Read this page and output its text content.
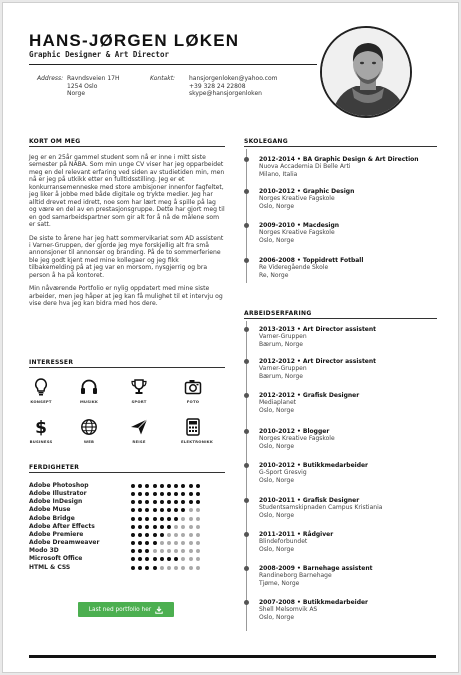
HANS-JØRGEN LØKEN
Graphic Designer & Art Director
Address: Ravndsveien 17H
1254 Oslo
Norge
Kontakt: hansjorgenloken@yahoo.com
+39 328 24 22808
skype@hansjorgenloken
KORT OM MEG

Jeg er en 25år gammel student som nå er inne i mitt siste semester på NABA. Som min unge CV viser har jeg opparbeidet meg en del relevant erfaring ved siden av studietiden min, men nå er jeg på utkikk etter en fulltidsstilling. Jeg er et konkurransemenneske med store ambisjoner innenfor fagfeltet, jeg liker å jobbe med både digitale og trykte medier. Jeg har alltid drevet med idrett, noe som har lært meg å spille på lag og være en del av en prestasjonsgruppe. Dette har gjort meg til en god samarbeidspartner som gir alt for å nå de målene som er satt.

De siste to årene har jeg hatt sommervikariat som AD assistent i Varner-Gruppen, der gjorde jeg mye forskjellig alt fra små annonsjoner til annonser og branding. På de to sommerferiene ble jeg godt kjent med mine kollegaer og jeg fikk tilbakemelding på at jeg var en morsom, nysgjerrig og bra person å ha på kontoret.

Min nåværende Portfolio er nylig oppdatert med mine siste arbeider, men jeg håper at jeg kan få mulighet til et intervju og vise dere hva jeg kan bidra med hos dere.

INTERESSER
KONSEPT	MUSIKK	SPORT	FOTO
$
BUSINESS	WEB	REISE	ELEKTRONIKK
FERDIGHETER
Adobe Photoshop
Adobe Illustrator
Adobe InDesign
Adobe Muse
Adobe Bridge
Adobe After Effects
Adobe Premiere
Adobe Dreamweaver
Modo 3D
Microsoft Office
HTML & CSS
Last ned portfolio her
SKOLEGANG
2012-2014 • BA Graphic Design & Art Direction
Nuova Accademia Di Belle Arti
Milano, Italia
2010-2012 • Graphic Design
Norges Kreative Fagskole
Oslo, Norge
2009-2010 • Macdesign
Norges Kreative Fagskole
Oslo, Norge
2006-2008 • Toppidrett Fotball
Re Videregående Skole
Re, Norge
ARBEIDSERFARING
2013-2013 • Art Director assistent
Varner-Gruppen
Bærum, Norge
2012-2012 • Art Director assistent
Varner-Gruppen
Bærum, Norge
2012-2012 • Grafisk Designer
Mediaplanet
Oslo, Norge
2010-2012 • Blogger
Norges Kreative Fagskole
Oslo, Norge
2010-2012 • Butikkmedarbeider
G-Sport Gresvig
Oslo, Norge
2010-2011 • Grafisk Designer
Studentsamskipnaden Campus Kristiania
Oslo, Norge
2011-2011 • Rådgiver
Blindeforbundet
Oslo, Norge
2008-2009 • Barnehage assistent
Randineborg Barnehage
Tjøme, Norge
2007-2008 • Butikkmedarbeider
Shell Melsomvik AS
Oslo, Norge
